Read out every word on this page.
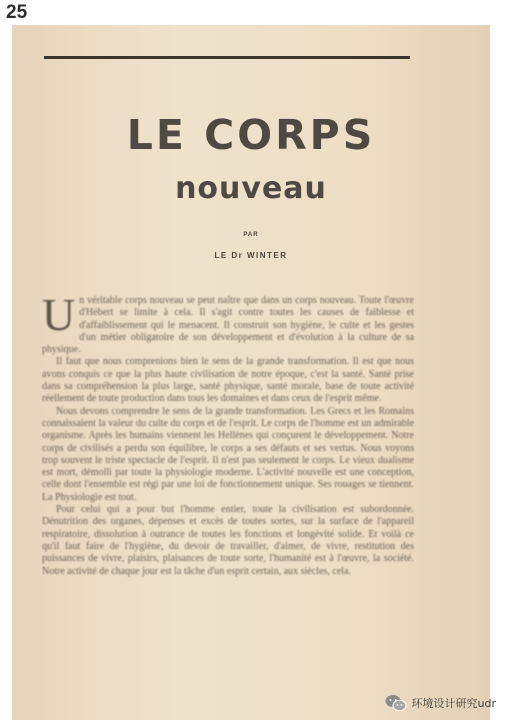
25
LE CORPS
nouveau
PAR
LE Dr WINTER

U n véritable corps nouveau se peut naître que dans un corps nouveau. Toute l'œuvre d'Hébert se limite à cela. Il s'agit contre toutes les causes de faiblesse et d'affaiblissement qui le menacent. Il construit son hygiène, le culte et les gestes d'un métier obligatoire de son développement et d'évolution à la culture de sa physique.

Il faut que nous comprenions bien le sens de la grande transformation. Il est que nous avons conquis ce que la plus haute civilisation de notre époque, c'est la santé. Santé prise dans sa compréhension la plus large, santé physique, santé morale, base de toute activité réellement de toute production dans tous les domaines et dans ceux de l'esprit même.

Nous devons comprendre le sens de la grande transformation. Les Grecs et les Romains connaissaient la valeur du culte du corps et de l'esprit. Le corps de l'homme est un admirable organisme. Après les humains viennent les Hellènes qui conçurent le développement. Notre corps de civilisés a perdu son équilibre, le corps a ses défauts et ses vertus. Nous voyons trop souvent le triste spectacle de l'esprit. Il n'est pas seulement le corps. Le vieux dualisme est mort, démolli par toute la physiologie moderne. L'activité nouvelle est une conception, celle dont l'ensemble est régi par une loi de fonctionnement unique. Ses rouages se tiennent. La Physiologie est tout.

Pour celui qui a pour but l'homme entier, toute la civilisation est subordonnée. Dénutrition des organes, dépenses et excès de toutes sortes, sur la surface de l'appareil respiratoire, dissolution à outrance de toutes les fonctions et longévité solide. Et voilà ce qu'il faut faire de l'hygiène, du devoir de travailler, d'aimer, de vivre, restitution des puissances de vivre, plaisirs, plaisances de toute sorte, l'humanité est à l'œuvre, la société. Notre activité de chaque jour est la tâche d'un esprit certain, aux siècles, cela.

环境设计研究udr
